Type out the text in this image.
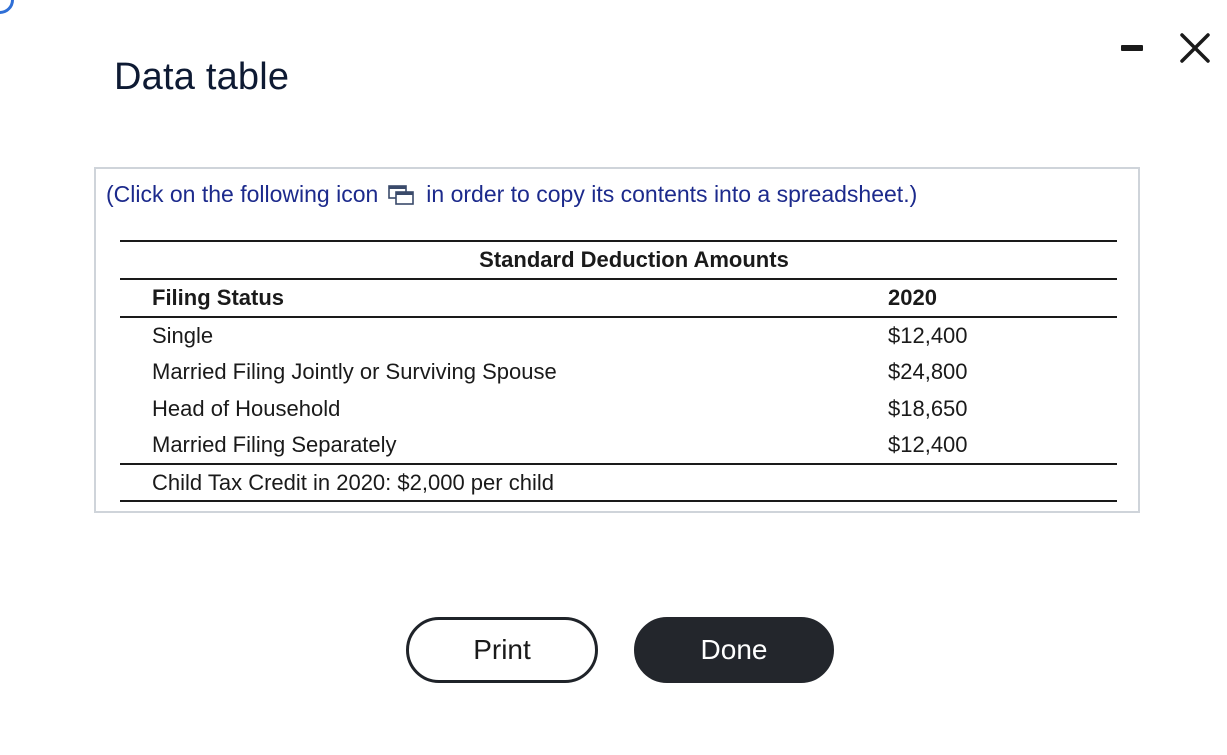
Data table
(Click on the following icon in order to copy its contents into a spreadsheet.)
Standard Deduction Amounts
Filing Status	2020
Single	$12,400
Married Filing Jointly or Surviving Spouse	$24,800
Head of Household	$18,650
Married Filing Separately	$12,400
Child Tax Credit in 2020: $2,000 per child
Print	Done
